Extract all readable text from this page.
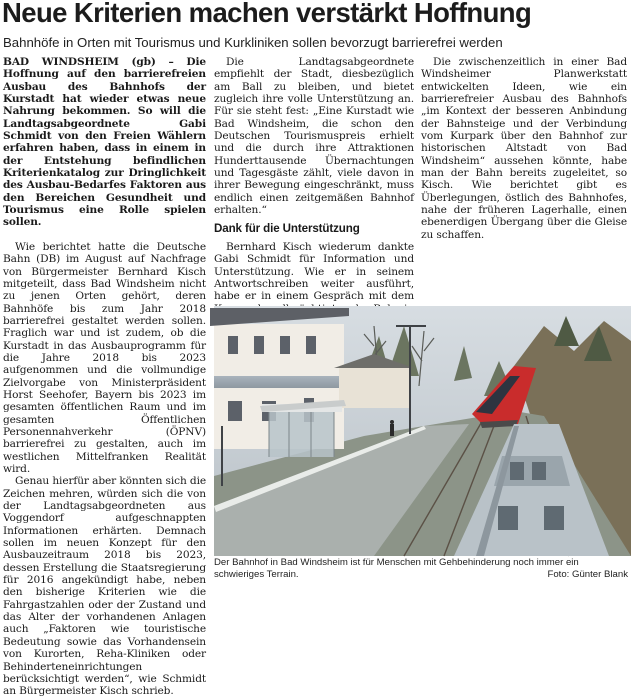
Neue Kriterien machen verstärkt Hoffnung
Bahnhöfe in Orten mit Tourismus und Kurkliniken sollen bevorzugt barrierefrei werden

BAD WINDSHEIM (gb) – Die Hoffnung auf den barrierefreien Ausbau des Bahnhofs der Kurstadt hat wieder etwas neue Nahrung bekommen. So will die Landtagsabgeordnete Gabi Schmidt von den Freien Wählern erfahren haben, dass in einem in der Entstehung befindlichen Kriterienkatalog zur Dringlichkeit des Ausbau-Bedarfes Faktoren aus den Bereichen Gesundheit und Tourismus eine Rolle spielen sollen.

Wie berichtet hatte die Deutsche Bahn (DB) im August auf Nachfrage von Bürgermeister Bernhard Kisch mitgeteilt, dass Bad Windsheim nicht zu jenen Orten gehört, deren Bahnhöfe bis zum Jahr 2018 barrierefrei gestaltet werden sollen. Fraglich war und ist zudem, ob die Kurstadt in das Ausbauprogramm für die Jahre 2018 bis 2023 aufgenommen und die vollmundige Zielvorgabe von Ministerpräsident Horst Seehofer, Bayern bis 2023 im gesamten öffentlichen Raum und im gesamten Öffentlichen Personennahverkehr (ÖPNV) barrierefrei zu gestalten, auch im westlichen Mittelfranken Realität wird.

Genau hierfür aber könnten sich die Zeichen mehren, würden sich die von der Landtagsabgeordneten aus Voggendorf aufgeschnappten Informationen erhärten. Demnach sollen im neuen Konzept für den Ausbauzeitraum 2018 bis 2023, dessen Erstellung die Staatsregierung für 2016 angekündigt habe, neben den bisherige Kriterien wie die Fahrgastzahlen oder der Zustand und das Alter der vorhandenen Anlagen auch „Faktoren wie touristische Bedeutung sowie das Vorhandensein von Kurorten, Reha-Kliniken oder Behinderteneinrichtungen berücksichtigt werden“, wie Schmidt an Bürgermeister Kisch schrieb.

Die Landtagsabgeordnete empfiehlt der Stadt, diesbezüglich am Ball zu bleiben, und bietet zugleich ihre volle Unterstützung an. Für sie steht fest: „Eine Kurstadt wie Bad Windsheim, die schon den Deutschen Tourismuspreis erhielt und die durch ihre Attraktionen Hunderttausende Übernachtungen und Tagesgäste zählt, viele davon in ihrer Bewegung eingeschränkt, muss endlich einen zeitgemäßen Bahnhof erhalten.“

Dank für die Unterstützung

Bernhard Kisch wiederum dankte Gabi Schmidt für Information und Unterstützung. Wie er in seinem Antwortschreiben weiter ausführt, habe er in einem Gespräch mit dem

Die zwischenzeitlich in einer Bad Windsheimer Planwerkstatt entwickelten Ideen, wie ein barrierefreier Ausbau des Bahnhofs „im Kontext der besseren Anbindung der Bahnsteige und der Verbindung vom Kurpark über den Bahnhof zur historischen Altstadt von Bad Windsheim“ aussehen könnte, habe man der Bahn bereits zugeleitet, so Kisch. Wie berichtet gibt es Überlegungen, östlich des Bahnhofes, nahe der früheren Lagerhalle, einen ebenerdigen Übergang über die Gleise zu schaffen.

Der Bahnhof in Bad Windsheim ist für Menschen mit Gehbehinderung noch immer ein schwieriges Terrain.	Foto: Günter Blank
